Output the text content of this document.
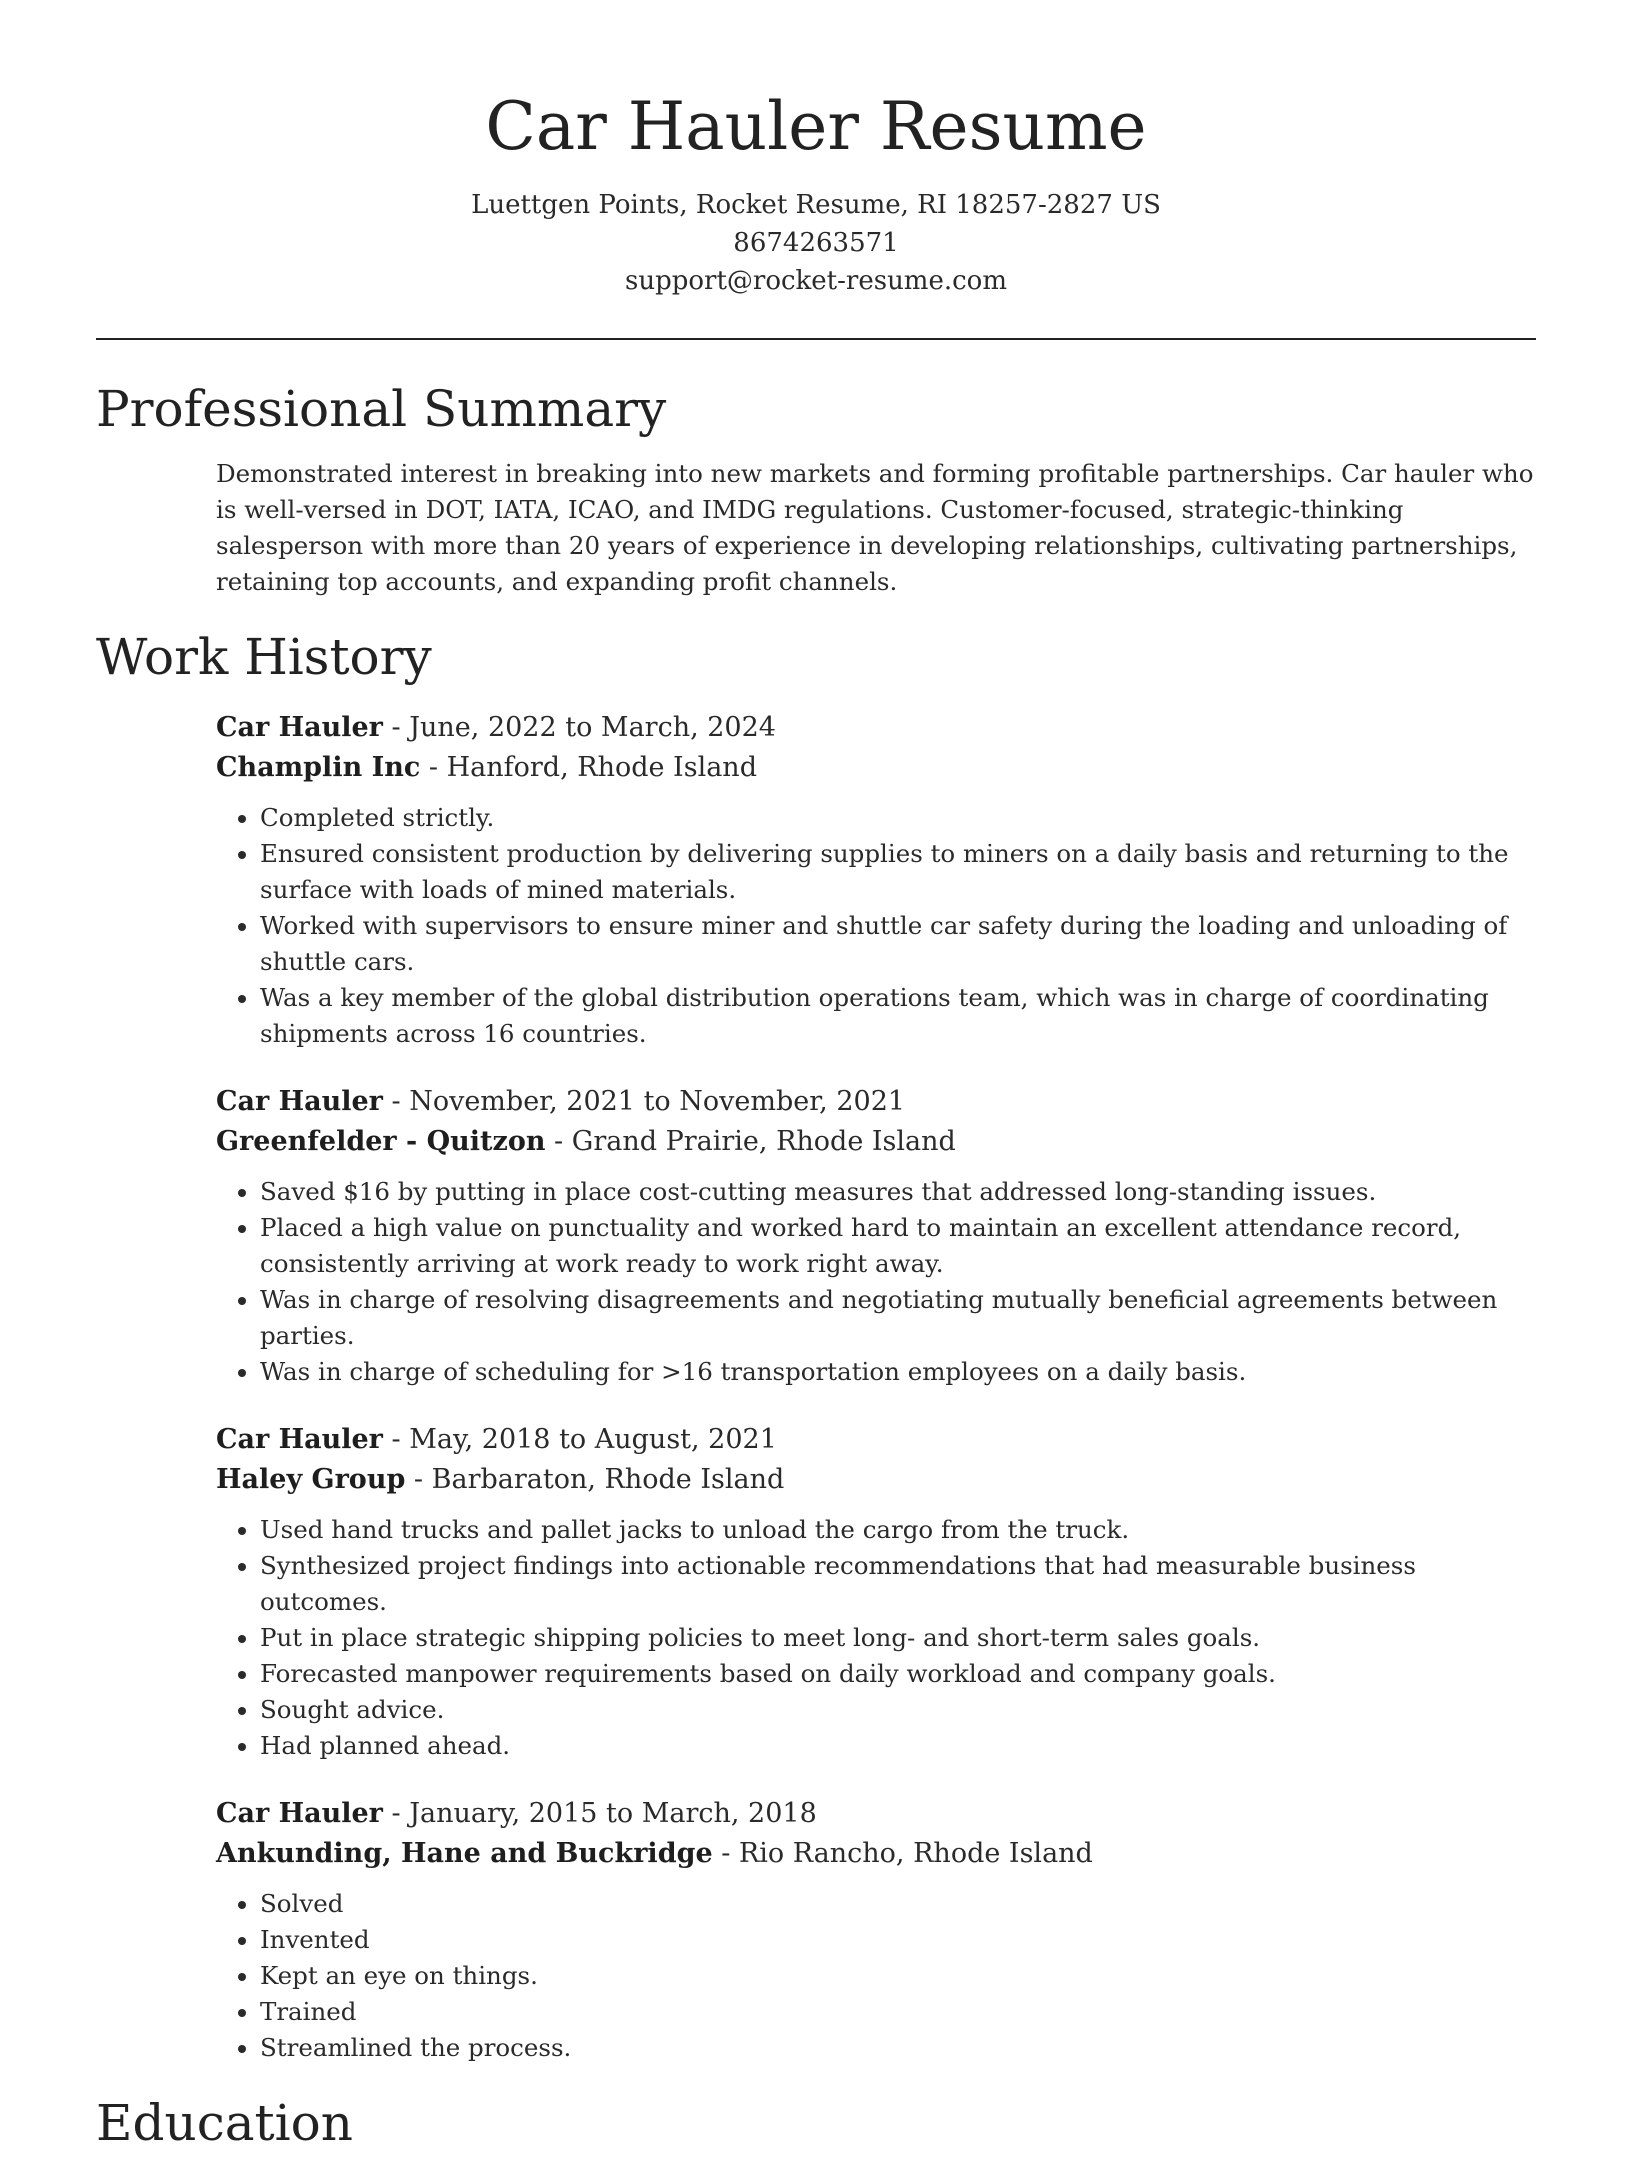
Car Hauler Resume

Luettgen Points, Rocket Resume, RI 18257-2827 US

8674263571

support@rocket-resume.com

Professional Summary

Demonstrated interest in breaking into new markets and forming profitable partnerships. Car hauler who is well-versed in DOT, IATA, ICAO, and IMDG regulations. Customer-focused, strategic-thinking salesperson with more than 20 years of experience in developing relationships, cultivating partnerships, retaining top accounts, and expanding profit channels.

Work History

Car Hauler - June, 2022 to March, 2024

Champlin Inc - Hanford, Rhode Island

• Completed strictly.
• Ensured consistent production by delivering supplies to miners on a daily basis and returning to the surface with loads of mined materials.
• Worked with supervisors to ensure miner and shuttle car safety during the loading and unloading of shuttle cars.
• Was a key member of the global distribution operations team, which was in charge of coordinating shipments across 16 countries.

Car Hauler - November, 2021 to November, 2021

Greenfelder - Quitzon - Grand Prairie, Rhode Island

• Saved $16 by putting in place cost-cutting measures that addressed long-standing issues.
• Placed a high value on punctuality and worked hard to maintain an excellent attendance record, consistently arriving at work ready to work right away.
• Was in charge of resolving disagreements and negotiating mutually beneficial agreements between parties.
• Was in charge of scheduling for >16 transportation employees on a daily basis.

Car Hauler - May, 2018 to August, 2021

Haley Group - Barbaraton, Rhode Island

• Used hand trucks and pallet jacks to unload the cargo from the truck.
• Synthesized project findings into actionable recommendations that had measurable business outcomes.
• Put in place strategic shipping policies to meet long- and short-term sales goals.
• Forecasted manpower requirements based on daily workload and company goals.
• Sought advice.
• Had planned ahead.

Car Hauler - January, 2015 to March, 2018

Ankunding, Hane and Buckridge - Rio Rancho, Rhode Island

• Solved
• Invented
• Kept an eye on things.
• Trained
• Streamlined the process.
Education
